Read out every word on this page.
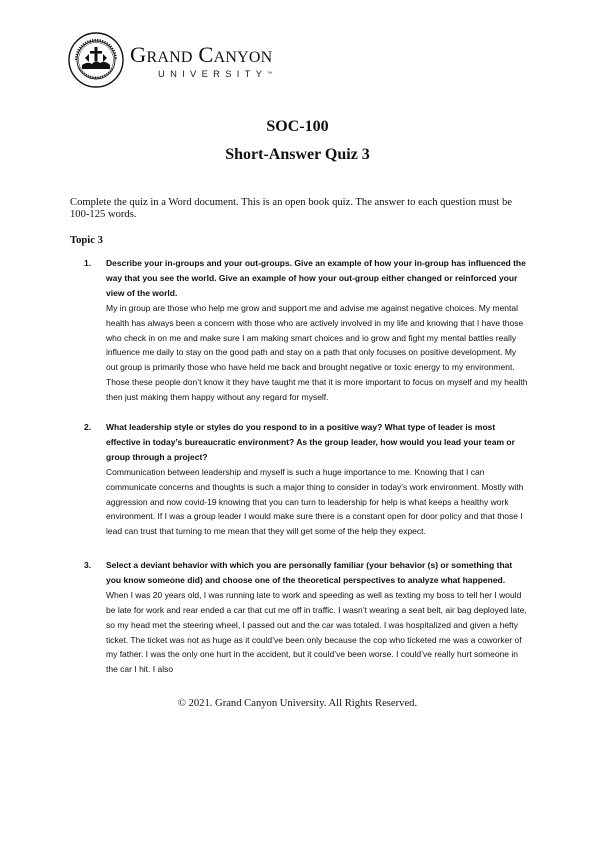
Grand Canyon
UNIVERSITY™
SOC-100
Short-Answer Quiz 3
Complete the quiz in a Word document. This is an open book quiz. The answer to each question must be 100-125 words.
Topic 3
1.	Describe your in-groups and your out-groups. Give an example of how your in-group has influenced the way that you see the world. Give an example of how your out-group either changed or reinforced your view of the world.
My in group are those who help me grow and support me and advise me against negative choices. My mental health has always been a concern with those who are actively involved in my life and knowing that I have those who check in on me and make sure I am making smart choices and io grow and fight my mental battles really influence me daily to stay on the good path and stay on a path that only focuses on positive development. My out group is primarily those who have held me back and brought negative or toxic energy to my environment. Those these people don’t know it they have taught me that it is more important to focus on myself and my health then just making them happy without any regard for myself.
2.	What leadership style or styles do you respond to in a positive way? What type of leader is most effective in today’s bureaucratic environment? As the group leader, how would you lead your team or group through a project?
Communication between leadership and myself is such a huge importance to me. Knowing that I can communicate concerns and thoughts is such a major thing to consider in today’s work environment. Mostly with aggression and now covid-19 knowing that you can turn to leadership for help is what keeps a healthy work environment. If I was a group leader I would make sure there is a constant open for door policy and that those I lead can trust that turning to me mean that they will get some of the help they expect.
3.	Select a deviant behavior with which you are personally familiar (your behavior (s) or something that you know someone did) and choose one of the theoretical perspectives to analyze what happened.
When I was 20 years old, I was running late to work and speeding as well as texting my boss to tell her I would be late for work and rear ended a car that cut me off in traffic. I wasn’t wearing a seat belt, air bag deployed late, so my head met the steering wheel, I passed out and the car was totaled. I was hospitalized and given a hefty ticket. The ticket was not as huge as it could’ve been only because the cop who ticketed me was a coworker of my father. I was the only one hurt in the accident, but it could’ve been worse. I could’ve really hurt someone in the car I hit. I also
© 2021. Grand Canyon University. All Rights Reserved.
